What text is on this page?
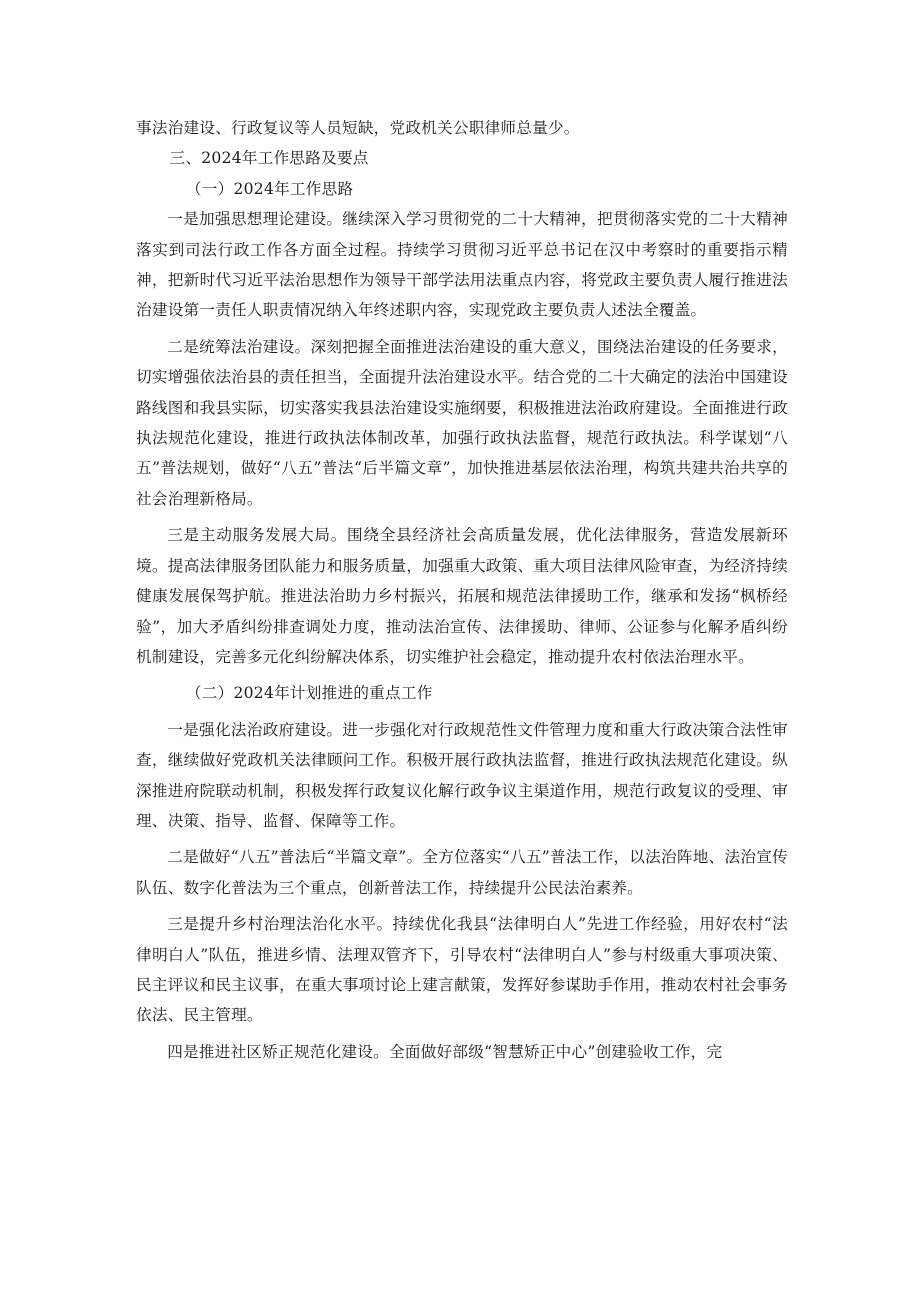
事法治建设、行政复议等人员短缺，党政机关公职律师总量少。

三、2024年工作思路及要点

（一）2024年工作思路

一是加强思想理论建设。继续深入学习贯彻党的二十大精神，把贯彻落实党的二十大精神落实到司法行政工作各方面全过程。持续学习贯彻习近平总书记在汉中考察时的重要指示精神，把新时代习近平法治思想作为领导干部学法用法重点内容，将党政主要负责人履行推进法治建设第一责任人职责情况纳入年终述职内容，实现党政主要负责人述法全覆盖。

二是统筹法治建设。深刻把握全面推进法治建设的重大意义，围绕法治建设的任务要求，切实增强依法治县的责任担当，全面提升法治建设水平。结合党的二十大确定的法治中国建设路线图和我县实际，切实落实我县法治建设实施纲要，积极推进法治政府建设。全面推进行政执法规范化建设，推进行政执法体制改革，加强行政执法监督，规范行政执法。科学谋划“八五”普法规划，做好“八五”普法“后半篇文章”，加快推进基层依法治理，构筑共建共治共享的社会治理新格局。

三是主动服务发展大局。围绕全县经济社会高质量发展，优化法律服务，营造发展新环境。提高法律服务团队能力和服务质量，加强重大政策、重大项目法律风险审查，为经济持续健康发展保驾护航。推进法治助力乡村振兴，拓展和规范法律援助工作，继承和发扬“枫桥经验”，加大矛盾纠纷排查调处力度，推动法治宣传、法律援助、律师、公证参与化解矛盾纠纷机制建设，完善多元化纠纷解决体系，切实维护社会稳定，推动提升农村依法治理水平。

（二）2024年计划推进的重点工作

一是强化法治政府建设。进一步强化对行政规范性文件管理力度和重大行政决策合法性审查，继续做好党政机关法律顾问工作。积极开展行政执法监督，推进行政执法规范化建设。纵深推进府院联动机制，积极发挥行政复议化解行政争议主渠道作用，规范行政复议的受理、审理、决策、指导、监督、保障等工作。

二是做好“八五”普法后“半篇文章”。全方位落实“八五”普法工作，以法治阵地、法治宣传队伍、数字化普法为三个重点，创新普法工作，持续提升公民法治素养。

三是提升乡村治理法治化水平。持续优化我县“法律明白人”先进工作经验，用好农村“法律明白人”队伍，推进乡情、法理双管齐下，引导农村“法律明白人”参与村级重大事项决策、民主评议和民主议事，在重大事项讨论上建言献策，发挥好参谋助手作用，推动农村社会事务依法、民主管理。

四是推进社区矫正规范化建设。全面做好部级“智慧矫正中心”创建验收工作，完
